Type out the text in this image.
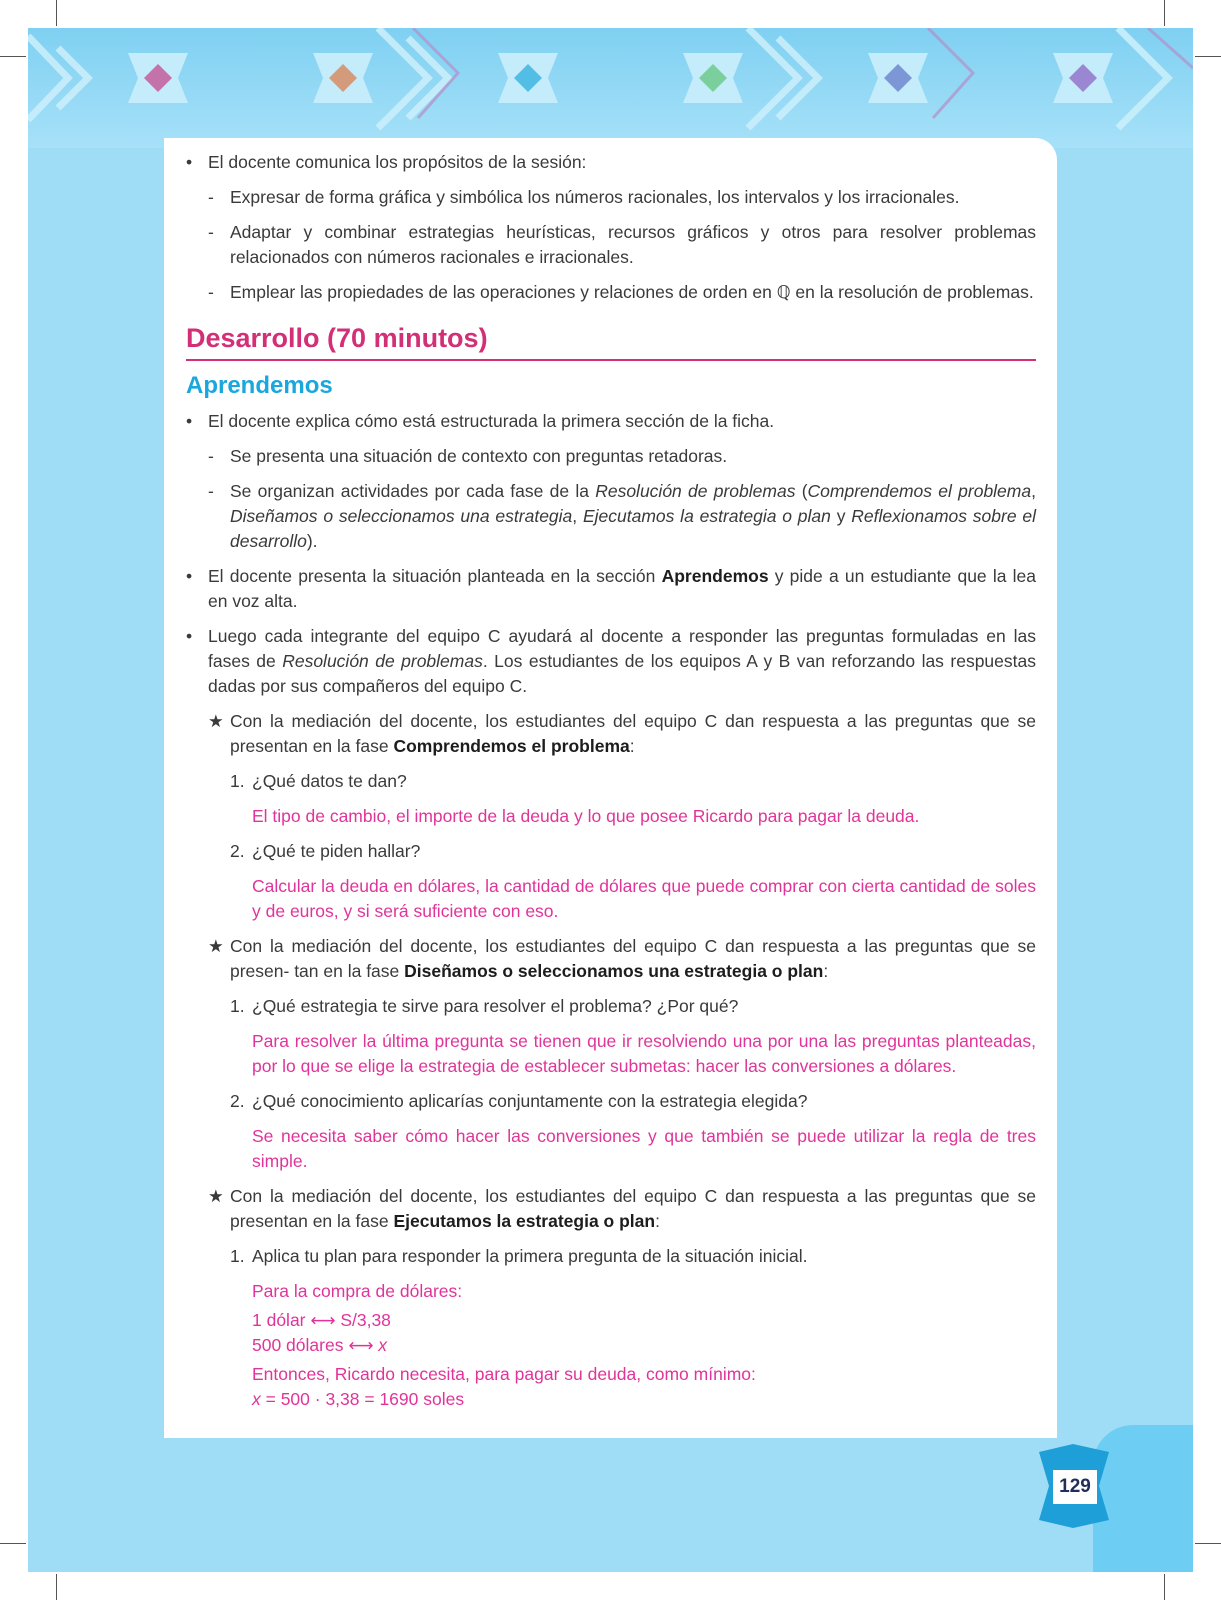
129
• El docente comunica los propósitos de la sesión:
- Expresar de forma gráfica y simbólica los números racionales, los intervalos y los irracionales.
- Adaptar y combinar estrategias heurísticas, recursos gráficos y otros para resolver problemas relacionados con números racionales e irracionales.
- Emplear las propiedades de las operaciones y relaciones de orden en ℚ en la resolución de problemas.
Desarrollo (70 minutos)
Aprendemos
• El docente explica cómo está estructurada la primera sección de la ficha.
- Se presenta una situación de contexto con preguntas retadoras.
- Se organizan actividades por cada fase de la Resolución de problemas (Comprendemos el problema, Diseñamos o seleccionamos una estrategia, Ejecutamos la estrategia o plan y Reflexionamos sobre el desarrollo).
• El docente presenta la situación planteada en la sección Aprendemos y pide a un estudiante que la lea en voz alta.
• Luego cada integrante del equipo C ayudará al docente a responder las preguntas formuladas en las fases de Resolución de problemas. Los estudiantes de los equipos A y B van reforzando las respuestas dadas por sus compañeros del equipo C.
★ Con la mediación del docente, los estudiantes del equipo C dan respuesta a las preguntas que se presentan en la fase Comprendemos el problema:
1. ¿Qué datos te dan?
El tipo de cambio, el importe de la deuda y lo que posee Ricardo para pagar la deuda.
2. ¿Qué te piden hallar?
Calcular la deuda en dólares, la cantidad de dólares que puede comprar con cierta cantidad de soles y de euros, y si será suficiente con eso.
★ Con la mediación del docente, los estudiantes del equipo C dan respuesta a las preguntas que se presen- tan en la fase Diseñamos o seleccionamos una estrategia o plan:
1. ¿Qué estrategia te sirve para resolver el problema? ¿Por qué?
Para resolver la última pregunta se tienen que ir resolviendo una por una las preguntas planteadas, por lo que se elige la estrategia de establecer submetas: hacer las conversiones a dólares.
2. ¿Qué conocimiento aplicarías conjuntamente con la estrategia elegida?
Se necesita saber cómo hacer las conversiones y que también se puede utilizar la regla de tres simple.
★ Con la mediación del docente, los estudiantes del equipo C dan respuesta a las preguntas que se presentan en la fase Ejecutamos la estrategia o plan:
1. Aplica tu plan para responder la primera pregunta de la situación inicial.
Para la compra de dólares:
1 dólar ⟷ S/3,38
500 dólares ⟷ x
Entonces, Ricardo necesita, para pagar su deuda, como mínimo:
x = 500 · 3,38 = 1690 soles
